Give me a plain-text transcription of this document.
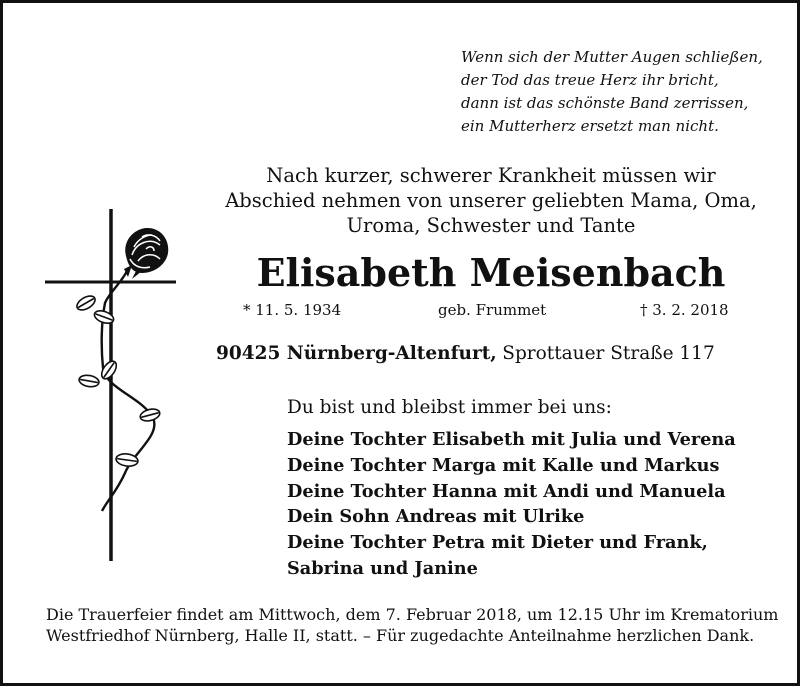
Wenn sich der Mutter Augen schließen,
der Tod das treue Herz ihr bricht,
dann ist das schönste Band zerrissen,
ein Mutterherz ersetzt man nicht.
Nach kurzer, schwerer Krankheit müssen wir
Abschied nehmen von unserer geliebten Mama, Oma,
Uroma, Schwester und Tante
Elisabeth Meisenbach
* 11. 5. 1934	geb. Frummet	† 3. 2. 2018
90425 Nürnberg-Altenfurt, Sprottauer Straße 117
Du bist und bleibst immer bei uns:
Deine Tochter Elisabeth mit Julia und Verena
Deine Tochter Marga mit Kalle und Markus
Deine Tochter Hanna mit Andi und Manuela
Dein Sohn Andreas mit Ulrike
Deine Tochter Petra mit Dieter und Frank,
Sabrina und Janine
Die Trauerfeier findet am Mittwoch, dem 7. Februar 2018, um 12.15 Uhr im Krematorium
Westfriedhof Nürnberg, Halle II, statt. – Für zugedachte Anteilnahme herzlichen Dank.
